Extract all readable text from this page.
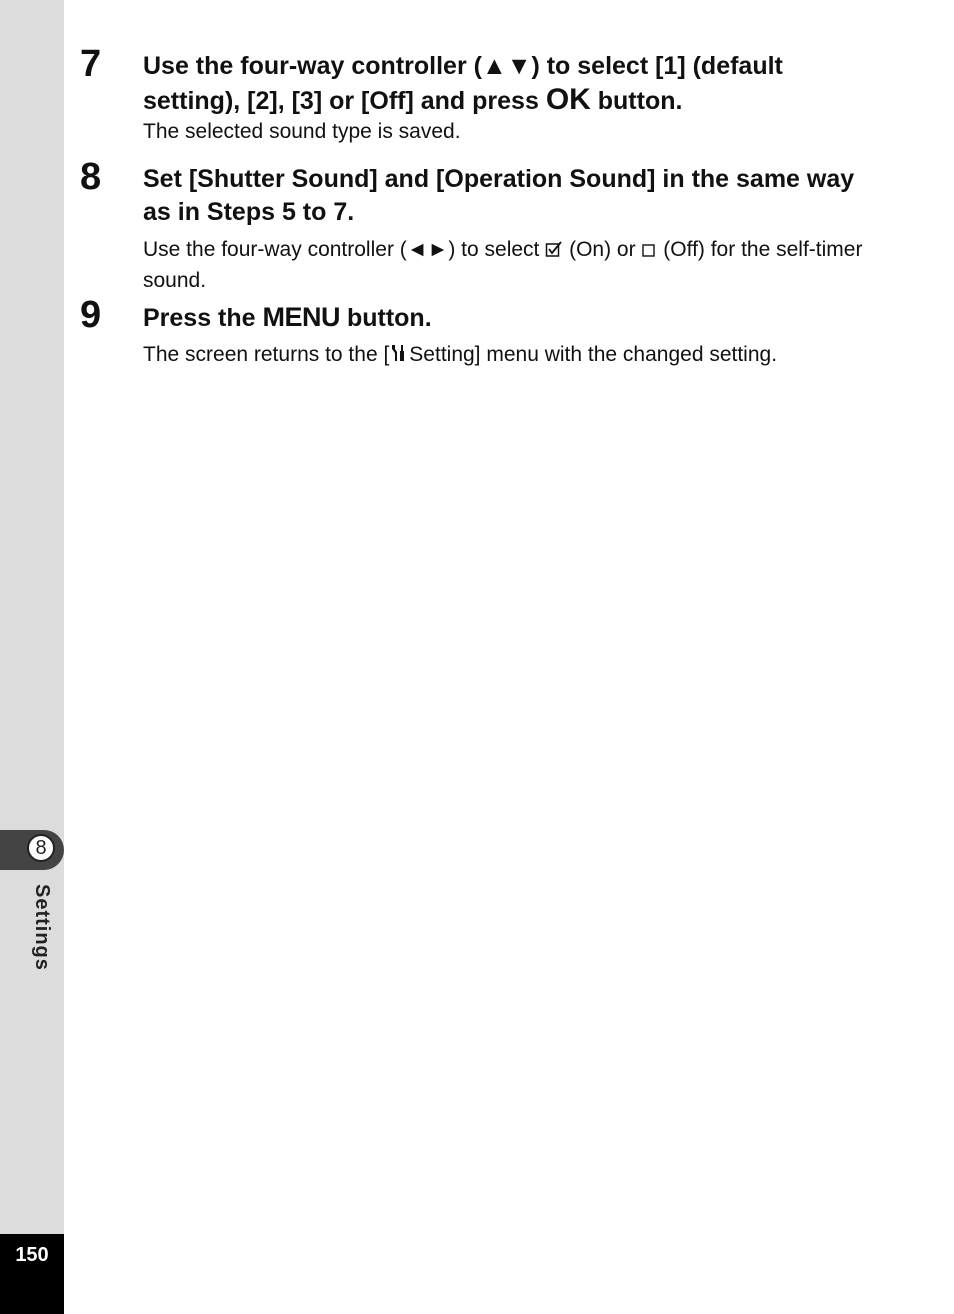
8
Settings
150
7 Use the four-way controller (▲▼) to select [1] (default setting), [2], [3] or [Off] and press OK button.
The selected sound type is saved.
8 Set [Shutter Sound] and [Operation Sound] in the same way as in Steps 5 to 7.
Use the four-way controller (◄►) to select (On) or (Off) for the self-timer sound.
9 Press the MENU button.
The screen returns to the [ Setting] menu with the changed setting.
